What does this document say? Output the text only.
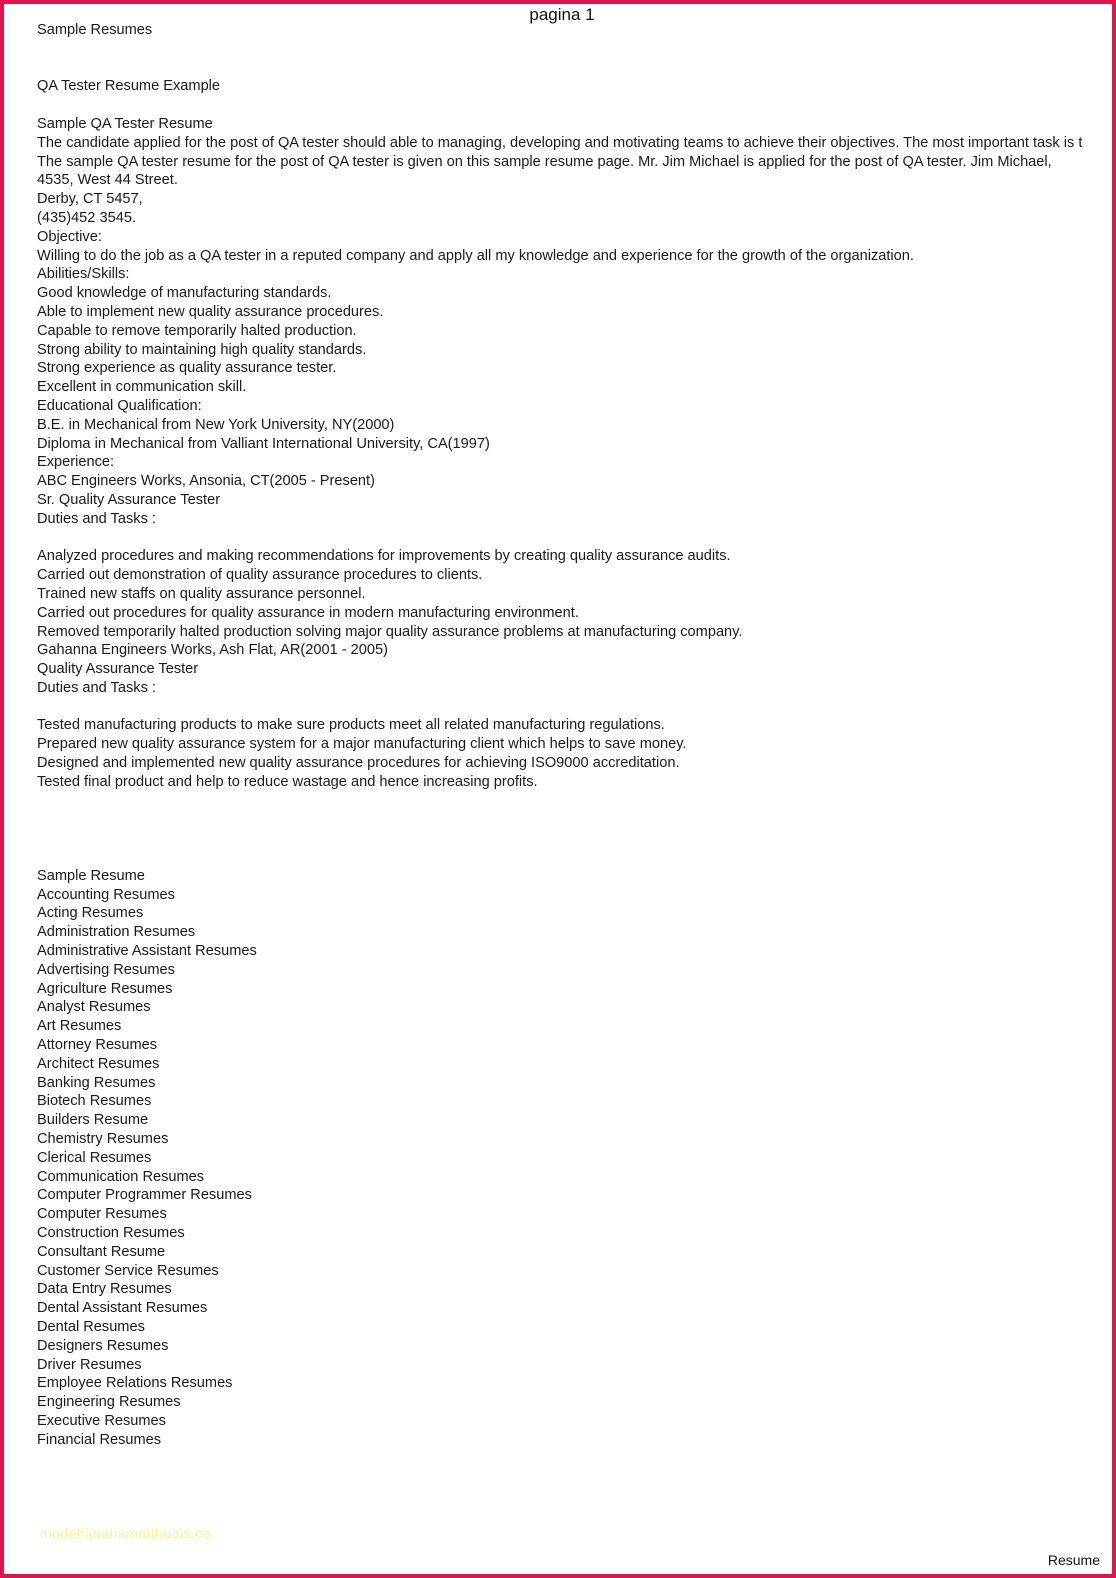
pagina 1
Sample Resumes
QA Tester Resume Example
Sample QA Tester Resume
The candidate applied for the post of QA tester should able to managing, developing and motivating teams to achieve their objectives. The most important task is t
The sample QA tester resume for the post of QA tester is given on this sample resume page. Mr. Jim Michael is applied for the post of QA tester. Jim Michael,
4535, West 44 Street.
Derby, CT 5457,
(435)452 3545.
Objective:
Willing to do the job as a QA tester in a reputed company and apply all my knowledge and experience for the growth of the organization.
Abilities/Skills:
Good knowledge of manufacturing standards.
Able to implement new quality assurance procedures.
Capable to remove temporarily halted production.
Strong ability to maintaining high quality standards.
Strong experience as quality assurance tester.
Excellent in communication skill.
Educational Qualification:
B.E. in Mechanical from New York University, NY(2000)
Diploma in Mechanical from Valliant International University, CA(1997)
Experience:
ABC Engineers Works, Ansonia, CT(2005 - Present)
Sr. Quality Assurance Tester
Duties and Tasks :
Analyzed procedures and making recommendations for improvements by creating quality assurance audits.
Carried out demonstration of quality assurance procedures to clients.
Trained new staffs on quality assurance personnel.
Carried out procedures for quality assurance in modern manufacturing environment.
Removed temporarily halted production solving major quality assurance problems at manufacturing company.
Gahanna Engineers Works, Ash Flat, AR(2001 - 2005)
Quality Assurance Tester
Duties and Tasks :
Tested manufacturing products to make sure products meet all related manufacturing regulations.
Prepared new quality assurance system for a major manufacturing client which helps to save money.
Designed and implemented new quality assurance procedures for achieving ISO9000 accreditation.
Tested final product and help to reduce wastage and hence increasing profits.
Sample Resume
Accounting Resumes
Acting Resumes
Administration Resumes
Administrative Assistant Resumes
Advertising Resumes
Agriculture Resumes
Analyst Resumes
Art Resumes
Attorney Resumes
Architect Resumes
Banking Resumes
Biotech Resumes
Builders Resume
Chemistry Resumes
Clerical Resumes
Communication Resumes
Computer Programmer Resumes
Computer Resumes
Construction Resumes
Consultant Resume
Customer Service Resumes
Data Entry Resumes
Dental Assistant Resumes
Dental Resumes
Designers Resumes
Driver Resumes
Employee Relations Resumes
Engineering Resumes
Executive Resumes
Financial Resumes
modelrijnahammthuais.co
Resume
